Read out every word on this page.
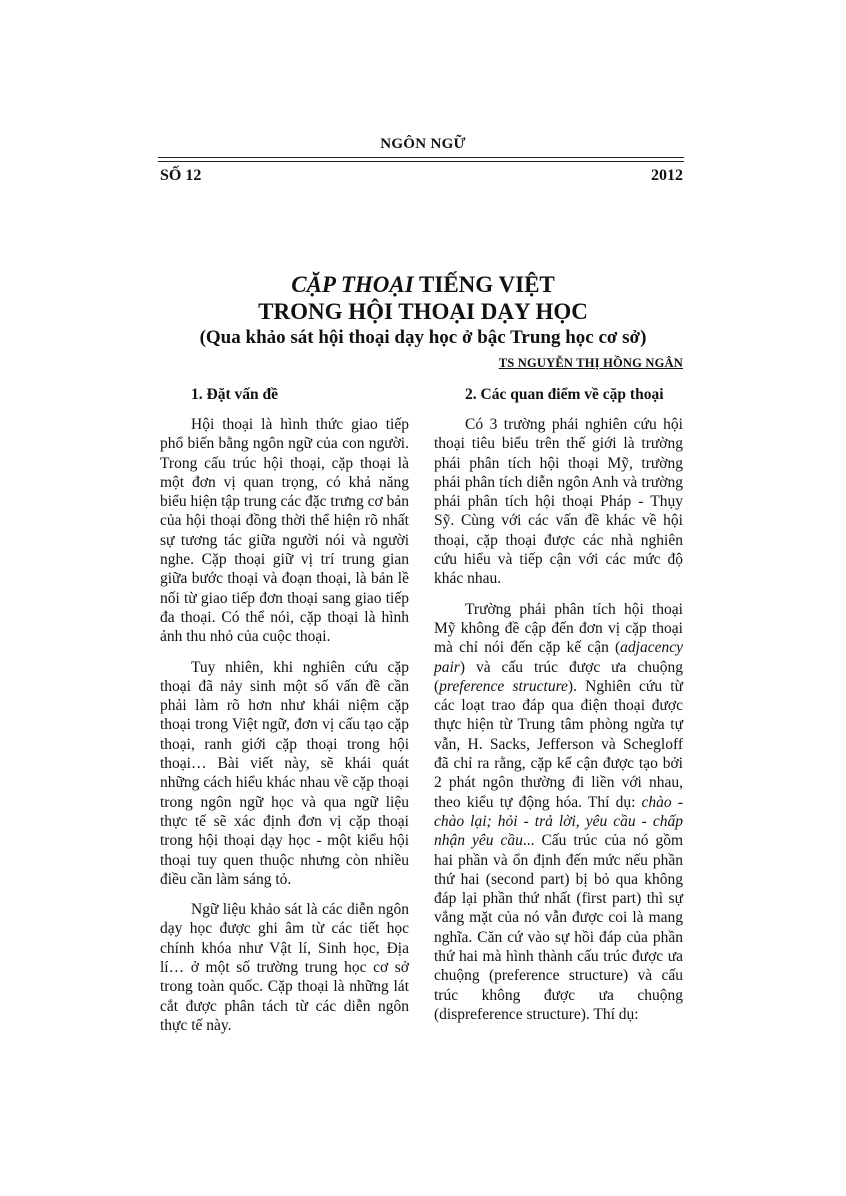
NGÔN NGỮ
SỐ 12	2012
CẶP THOẠI TIẾNG VIỆT
TRONG HỘI THOẠI DẠY HỌC
(Qua khảo sát hội thoại dạy học ở bậc Trung học cơ sở)
TS NGUYỄN THỊ HỒNG NGÂN
1. Đặt vấn đề

Hội thoại là hình thức giao tiếp phổ biến bằng ngôn ngữ của con người. Trong cấu trúc hội thoại, cặp thoại là một đơn vị quan trọng, có khả năng biểu hiện tập trung các đặc trưng cơ bản của hội thoại đồng thời thể hiện rõ nhất sự tương tác giữa người nói và người nghe. Cặp thoại giữ vị trí trung gian giữa bước thoại và đoạn thoại, là bản lề nối từ giao tiếp đơn thoại sang giao tiếp đa thoại. Có thể nói, cặp thoại là hình ảnh thu nhỏ của cuộc thoại.

Tuy nhiên, khi nghiên cứu cặp thoại đã nảy sinh một số vấn đề cần phải làm rõ hơn như khái niệm cặp thoại trong Việt ngữ, đơn vị cấu tạo cặp thoại, ranh giới cặp thoại trong hội thoại… Bài viết này, sẽ khái quát những cách hiểu khác nhau về cặp thoại trong ngôn ngữ học và qua ngữ liệu thực tế sẽ xác định đơn vị cặp thoại trong hội thoại dạy học - một kiểu hội thoại tuy quen thuộc nhưng còn nhiều điều cần làm sáng tỏ.

Ngữ liệu khảo sát là các diễn ngôn dạy học được ghi âm từ các tiết học chính khóa như Vật lí, Sinh học, Địa lí… ở một số trường trung học cơ sở trong toàn quốc. Cặp thoại là những lát cắt được phân tách từ các diễn ngôn thực tế này.

2. Các quan điểm về cặp thoại

Có 3 trường phái nghiên cứu hội thoại tiêu biểu trên thế giới là trường phái phân tích hội thoại Mỹ, trường phái phân tích diễn ngôn Anh và trường phái phân tích hội thoại Pháp - Thụy Sỹ. Cùng với các vấn đề khác về hội thoại, cặp thoại được các nhà nghiên cứu hiểu và tiếp cận với các mức độ khác nhau.

Trường phái phân tích hội thoại Mỹ không đề cập đến đơn vị cặp thoại mà chỉ nói đến cặp kế cận (adjacency pair) và cấu trúc được ưa chuộng (preference structure). Nghiên cứu từ các loạt trao đáp qua điện thoại được thực hiện từ Trung tâm phòng ngừa tự vẫn, H. Sacks, Jefferson và Schegloff đã chỉ ra rằng, cặp kế cận được tạo bởi 2 phát ngôn thường đi liền với nhau, theo kiểu tự động hóa. Thí dụ: chào - chào lại; hỏi - trả lời, yêu cầu - chấp nhận yêu cầu... Cấu trúc của nó gồm hai phần và ổn định đến mức nếu phần thứ hai (second part) bị bỏ qua không đáp lại phần thứ nhất (first part) thì sự vắng mặt của nó vẫn được coi là mang nghĩa. Căn cứ vào sự hồi đáp của phần thứ hai mà hình thành cấu trúc được ưa chuộng (preference structure) và cấu trúc không được ưa chuộng (dispreference structure). Thí dụ:
